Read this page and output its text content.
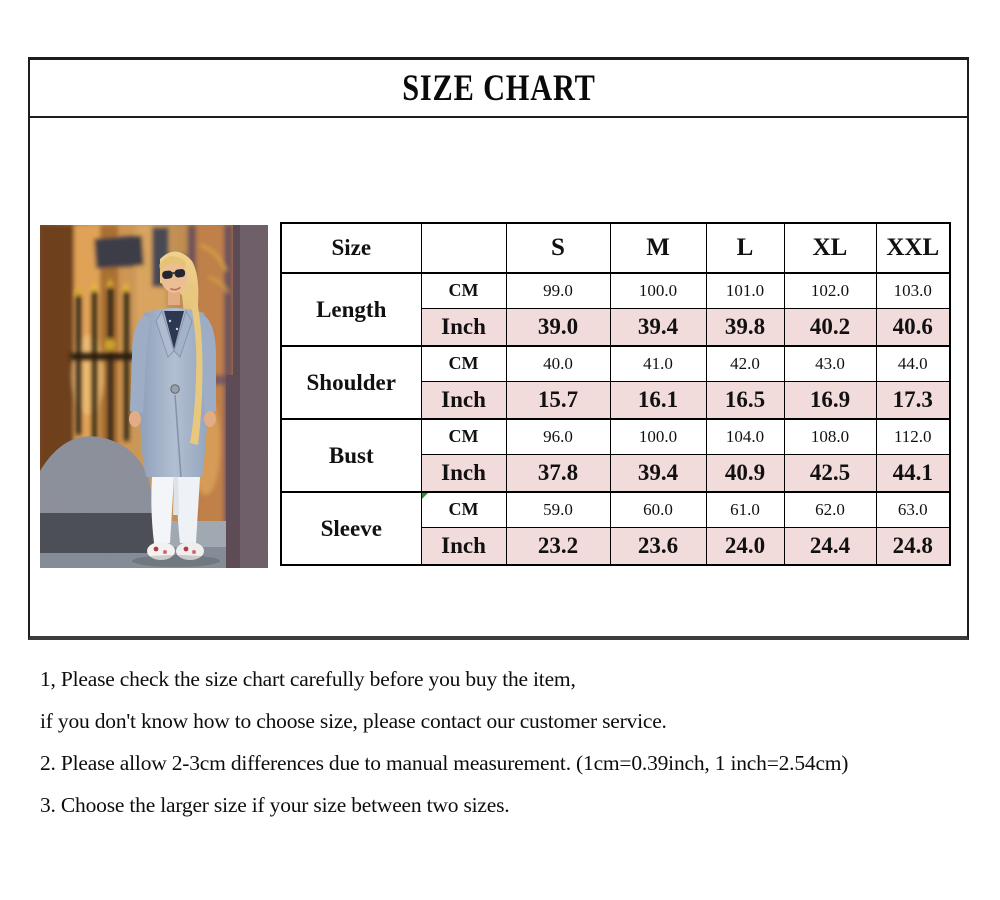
SIZE CHART
Size		S	M	L	XL	XXL
Length	CM	99.0	100.0	101.0	102.0	103.0
	Inch	39.0	39.4	39.8	40.2	40.6
Shoulder	CM	40.0	41.0	42.0	43.0	44.0
	Inch	15.7	16.1	16.5	16.9	17.3
Bust	CM	96.0	100.0	104.0	108.0	112.0
	Inch	37.8	39.4	40.9	42.5	44.1
Sleeve	CM	59.0	60.0	61.0	62.0	63.0
	Inch	23.2	23.6	24.0	24.4	24.8
1, Please check the size chart carefully before you buy the item,
if you don't know how to choose size, please contact our customer service.
2. Please allow 2-3cm differences due to manual measurement. (1cm=0.39inch, 1 inch=2.54cm)
3. Choose the larger size if your size between two sizes.
